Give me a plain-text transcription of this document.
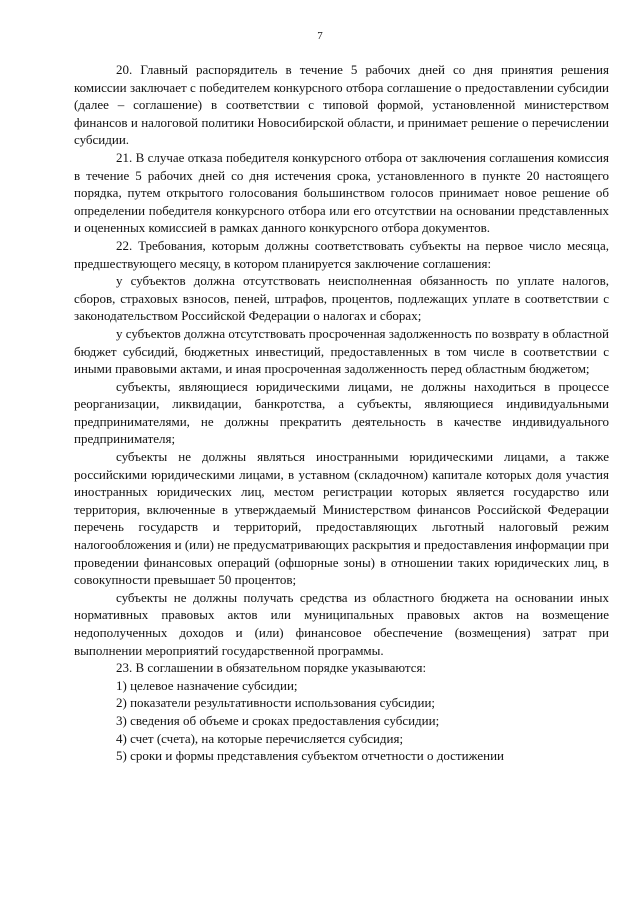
7

20. Главный распорядитель в течение 5 рабочих дней со дня принятия решения комиссии заключает с победителем конкурсного отбора соглашение о предоставлении субсидии (далее – соглашение) в соответствии с типовой формой, установленной министерством финансов и налоговой политики Новосибирской области, и принимает решение о перечислении субсидии.

21. В случае отказа победителя конкурсного отбора от заключения соглашения комиссия в течение 5 рабочих дней со дня истечения срока, установленного в пункте 20 настоящего порядка, путем открытого голосования большинством голосов принимает новое решение об определении победителя конкурсного отбора или его отсутствии на основании представленных и оцененных комиссией в рамках данного конкурсного отбора документов.

22. Требования, которым должны соответствовать субъекты на первое число месяца, предшествующего месяцу, в котором планируется заключение соглашения:

у субъектов должна отсутствовать неисполненная обязанность по уплате налогов, сборов, страховых взносов, пеней, штрафов, процентов, подлежащих уплате в соответствии с законодательством Российской Федерации о налогах и сборах;

у субъектов должна отсутствовать просроченная задолженность по возврату в областной бюджет субсидий, бюджетных инвестиций, предоставленных в том числе в соответствии с иными правовыми актами, и иная просроченная задолженность перед областным бюджетом;

субъекты, являющиеся юридическими лицами, не должны находиться в процессе реорганизации, ликвидации, банкротства, а субъекты, являющиеся индивидуальными предпринимателями, не должны прекратить деятельность в качестве индивидуального предпринимателя;

субъекты не должны являться иностранными юридическими лицами, а также российскими юридическими лицами, в уставном (складочном) капитале которых доля участия иностранных юридических лиц, местом регистрации которых является государство или территория, включенные в утверждаемый Министерством финансов Российской Федерации перечень государств и территорий, предоставляющих льготный налоговый режим налогообложения и (или) не предусматривающих раскрытия и предоставления информации при проведении финансовых операций (офшорные зоны) в отношении таких юридических лиц, в совокупности превышает 50 процентов;

субъекты не должны получать средства из областного бюджета на основании иных нормативных правовых актов или муниципальных правовых актов на возмещение недополученных доходов и (или) финансовое обеспечение (возмещения) затрат при выполнении мероприятий государственной программы.

23. В соглашении в обязательном порядке указываются:

1) целевое назначение субсидии;

2) показатели результативности использования субсидии;

3) сведения об объеме и сроках предоставления субсидии;

4) счет (счета), на которые перечисляется субсидия;

5) сроки и формы представления субъектом отчетности о достижении
